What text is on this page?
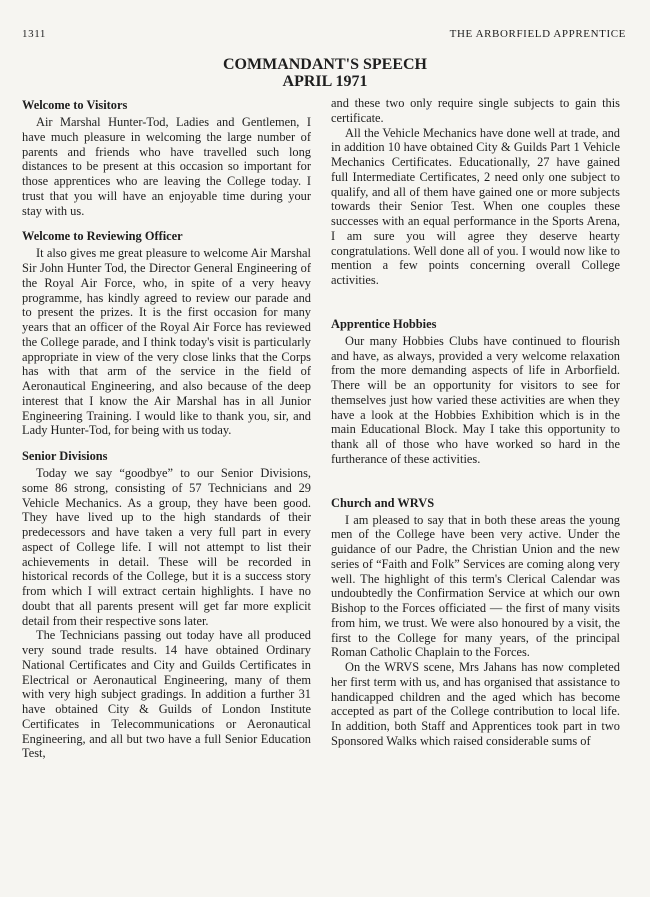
1311	THE ARBORFIELD APPRENTICE
COMMANDANT'S SPEECH
APRIL 1971
Welcome to Visitors

Air Marshal Hunter-Tod, Ladies and Gentlemen, I have much pleasure in welcoming the large number of parents and friends who have travelled such long distances to be present at this occasion so important for those apprentices who are leaving the College today. I trust that you will have an enjoyable time during your stay with us.

Welcome to Reviewing Officer

It also gives me great pleasure to welcome Air Marshal Sir John Hunter Tod, the Director General Engineering of the Royal Air Force, who, in spite of a very heavy programme, has kindly agreed to review our parade and to present the prizes. It is the first occasion for many years that an officer of the Royal Air Force has reviewed the College parade, and I think today's visit is particularly appropriate in view of the very close links that the Corps has with that arm of the service in the field of Aeronautical Engineering, and also because of the deep interest that I know the Air Marshal has in all Junior Engineering Training. I would like to thank you, sir, and Lady Hunter-Tod, for being with us today.

Senior Divisions

Today we say “goodbye” to our Senior Divisions, some 86 strong, consisting of 57 Technicians and 29 Vehicle Mechanics. As a group, they have been good. They have lived up to the high standards of their predecessors and have taken a very full part in every aspect of College life. I will not attempt to list their achievements in detail. These will be recorded in historical records of the College, but it is a success story from which I will extract certain highlights. I have no doubt that all parents present will get far more explicit detail from their respective sons later.

The Technicians passing out today have all produced very sound trade results. 14 have obtained Ordinary National Certificates and City and Guilds Certificates in Electrical or Aeronautical Engineering, many of them with very high subject gradings. In addition a further 31 have obtained City & Guilds of London Institute Certificates in Telecommunications or Aeronautical Engineering, and all but two have a full Senior Education Test,

and these two only require single subjects to gain this certificate.

All the Vehicle Mechanics have done well at trade, and in addition 10 have obtained City & Guilds Part 1 Vehicle Mechanics Certificates. Educationally, 27 have gained full Intermediate Certificates, 2 need only one subject to qualify, and all of them have gained one or more subjects towards their Senior Test. When one couples these successes with an equal performance in the Sports Arena, I am sure you will agree they deserve hearty congratulations. Well done all of you. I would now like to mention a few points concerning overall College activities.

Apprentice Hobbies

Our many Hobbies Clubs have continued to flourish and have, as always, provided a very welcome relaxation from the more demanding aspects of life in Arborfield. There will be an opportunity for visitors to see for themselves just how varied these activities are when they have a look at the Hobbies Exhibition which is in the main Educational Block. May I take this opportunity to thank all of those who have worked so hard in the furtherance of these activities.

Church and WRVS

I am pleased to say that in both these areas the young men of the College have been very active. Under the guidance of our Padre, the Christian Union and the new series of “Faith and Folk” Services are coming along very well. The highlight of this term's Clerical Calendar was undoubtedly the Confirmation Service at which our own Bishop to the Forces officiated — the first of many visits from him, we trust. We were also honoured by a visit, the first to the College for many years, of the principal Roman Catholic Chaplain to the Forces.

On the WRVS scene, Mrs Jahans has now completed her first term with us, and has organised that assistance to handicapped children and the aged which has become accepted as part of the College contribution to local life. In addition, both Staff and Apprentices took part in two Sponsored Walks which raised considerable sums of
